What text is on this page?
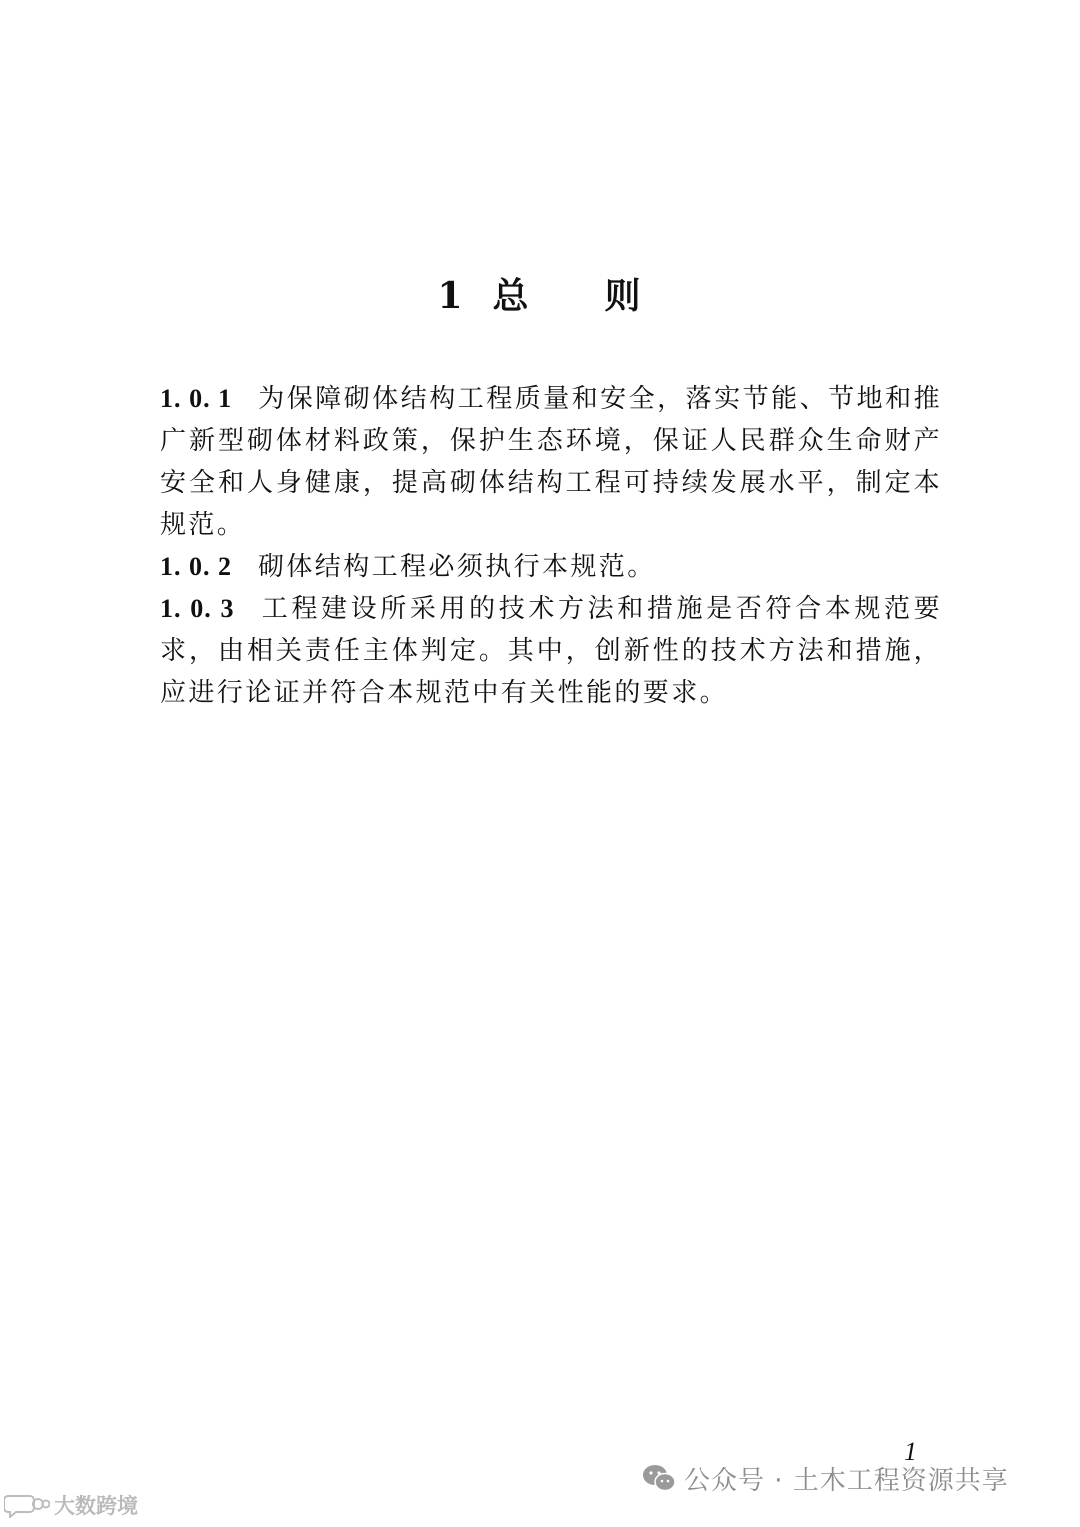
1 总 则

1. 0. 1 为保障砌体结构工程质量和安全，落实节能、节地和推广新型砌体材料政策，保护生态环境，保证人民群众生命财产安全和人身健康，提高砌体结构工程可持续发展水平，制定本规范。

1. 0. 2 砌体结构工程必须执行本规范。

1. 0. 3 工程建设所采用的技术方法和措施是否符合本规范要求，由相关责任主体判定。其中，创新性的技术方法和措施，应进行论证并符合本规范中有关性能的要求。

1
公众号 · 土木工程资源共享
大数跨境
